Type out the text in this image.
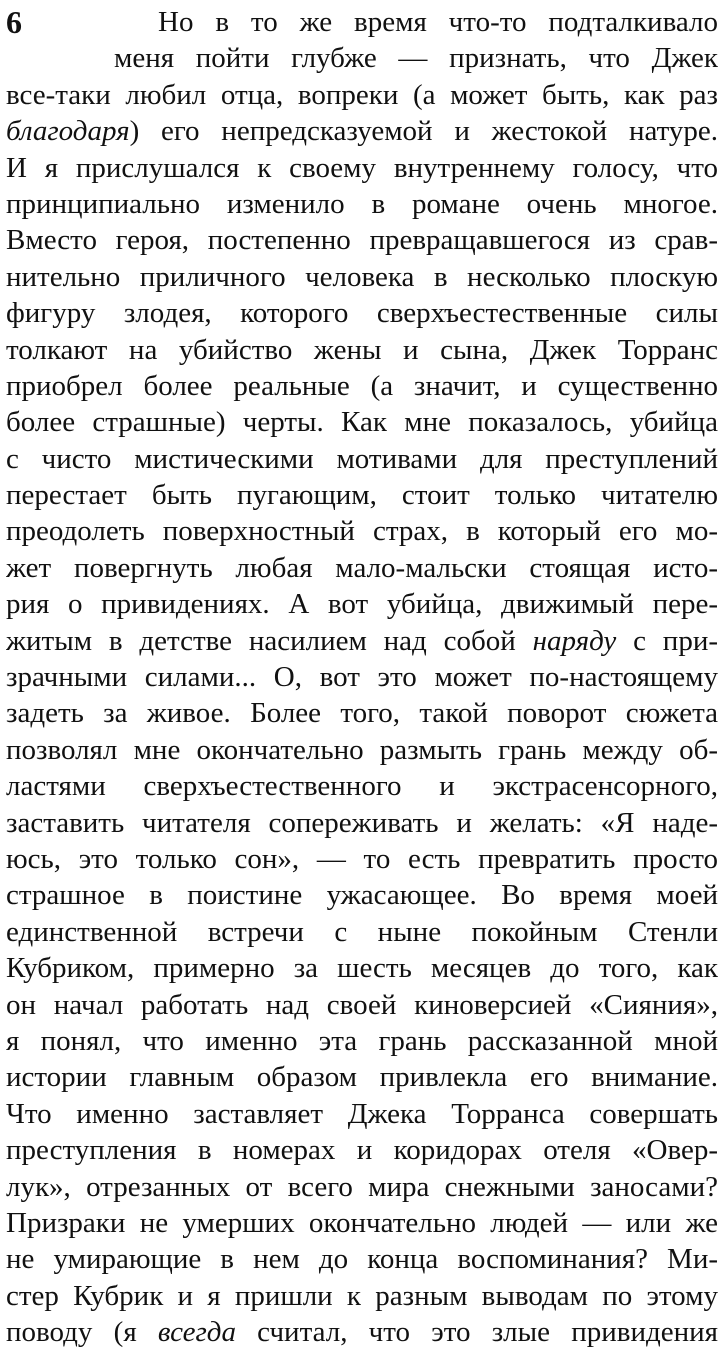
6	Но в то же время что-то подталкивало
меня пойти глубже — признать, что Джек
все-таки любил отца, вопреки (а может быть, как раз
благодаря) его непредсказуемой и жестокой натуре.
И я прислушался к своему внутреннему голосу, что
принципиально изменило в романе очень многое.
Вместо героя, постепенно превращавшегося из срав-
нительно приличного человека в несколько плоскую
фигуру злодея, которого сверхъестественные силы
толкают на убийство жены и сына, Джек Торранс
приобрел более реальные (а значит, и существенно
более страшные) черты. Как мне показалось, убийца
с чисто мистическими мотивами для преступлений
перестает быть пугающим, стоит только читателю
преодолеть поверхностный страх, в который его мо-
жет повергнуть любая мало-мальски стоящая исто-
рия о привидениях. А вот убийца, движимый пере-
житым в детстве насилием над собой наряду с при-
зрачными силами... О, вот это может по-настоящему
задеть за живое. Более того, такой поворот сюжета
позволял мне окончательно размыть грань между об-
ластями сверхъестественного и экстрасенсорного,
заставить читателя сопереживать и желать: «Я наде-
юсь, это только сон», — то есть превратить просто
страшное в поистине ужасающее. Во время моей
единственной встречи с ныне покойным Стенли
Кубриком, примерно за шесть месяцев до того, как
он начал работать над своей киноверсией «Сияния»,
я понял, что именно эта грань рассказанной мной
истории главным образом привлекла его внимание.
Что именно заставляет Джека Торранса совершать
преступления в номерах и коридорах отеля «Овер-
лук», отрезанных от всего мира снежными заносами?
Призраки не умерших окончательно людей — или же
не умирающие в нем до конца воспоминания? Ми-
стер Кубрик и я пришли к разным выводам по этому
поводу (я всегда считал, что это злые привидения
